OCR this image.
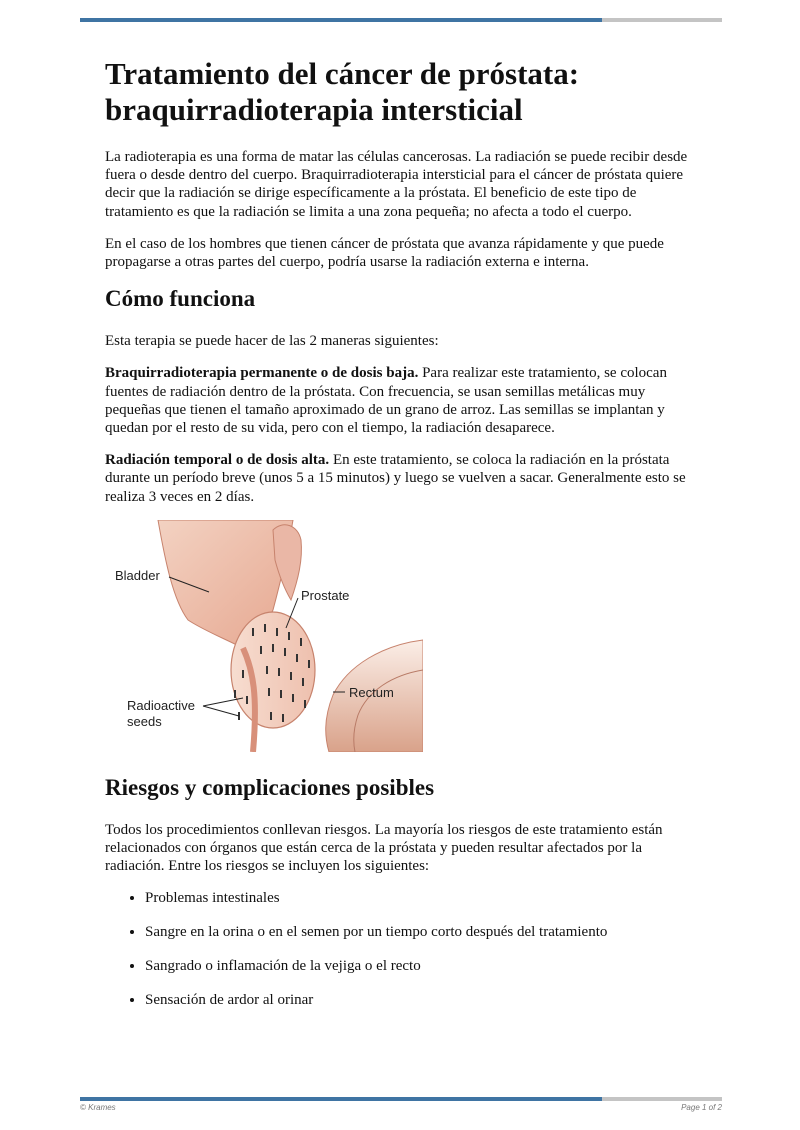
Tratamiento del cáncer de próstata: braquirradioterapia intersticial

La radioterapia es una forma de matar las células cancerosas. La radiación se puede recibir desde fuera o desde dentro del cuerpo. Braquirradioterapia intersticial para el cáncer de próstata quiere decir que la radiación se dirige específicamente a la próstata. El beneficio de este tipo de tratamiento es que la radiación se limita a una zona pequeña; no afecta a todo el cuerpo.

En el caso de los hombres que tienen cáncer de próstata que avanza rápidamente y que puede propagarse a otras partes del cuerpo, podría usarse la radiación externa e interna.

Cómo funciona

Esta terapia se puede hacer de las 2 maneras siguientes:

Braquirradioterapia permanente o de dosis baja. Para realizar este tratamiento, se colocan fuentes de radiación dentro de la próstata. Con frecuencia, se usan semillas metálicas muy pequeñas que tienen el tamaño aproximado de un grano de arroz. Las semillas se implantan y quedan por el resto de su vida, pero con el tiempo, la radiación desaparece.

Radiación temporal o de dosis alta. En este tratamiento, se coloca la radiación en la próstata durante un período breve (unos 5 a 15 minutos) y luego se vuelven a sacar. Generalmente esto se realiza 3 veces en 2 días.

Bladder
Prostate
Rectum
Radioactive
seeds
Riesgos y complicaciones posibles

Todos los procedimientos conllevan riesgos. La mayoría los riesgos de este tratamiento están relacionados con órganos que están cerca de la próstata y pueden resultar afectados por la radiación. Entre los riesgos se incluyen los siguientes:

• Problemas intestinales
• Sangre en la orina o en el semen por un tiempo corto después del tratamiento
• Sangrado o inflamación de la vejiga o el recto
• Sensación de ardor al orinar
© Krames	Page 1 of 2
